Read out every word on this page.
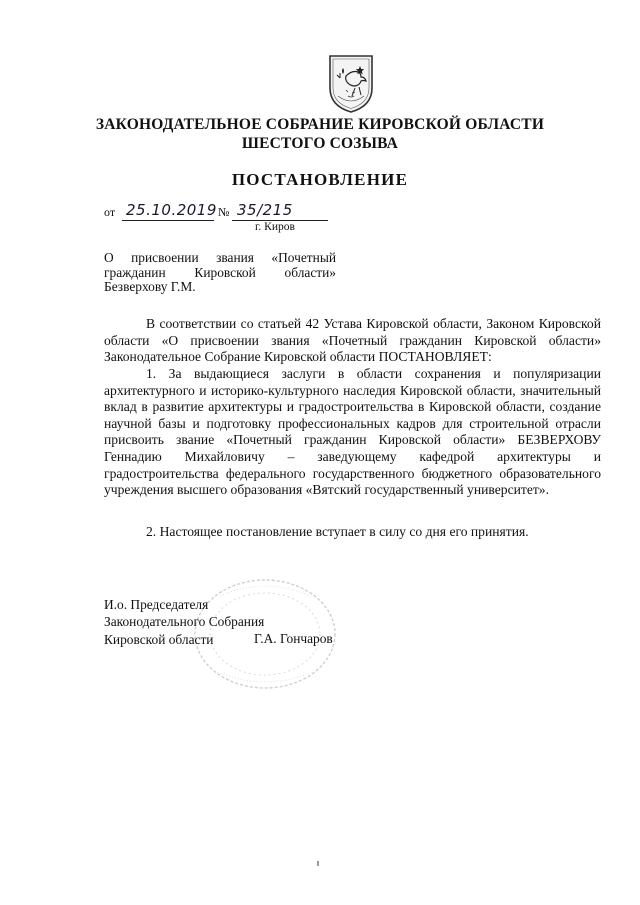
ЗАКОНОДАТЕЛЬНОЕ СОБРАНИЕ КИРОВСКОЙ ОБЛАСТИ
ШЕСТОГО СОЗЫВА
ПОСТАНОВЛЕНИЕ
от 25.10.2019 № 35/215
г. Киров
О присвоении звания «Почетный
гражданин Кировской области»
Безверхову Г.М.
В соответствии со статьей 42 Устава Кировской области, Законом Кировской области «О присвоении звания «Почетный гражданин Кировской области» Законодательное Собрание Кировской области ПОСТАНОВЛЯЕТ:
1. За выдающиеся заслуги в области сохранения и популяризации архитектурного и историко-культурного наследия Кировской области, значительный вклад в развитие архитектуры и градостроительства в Кировской области, создание научной базы и подготовку профессиональных кадров для строительной отрасли присвоить звание «Почетный гражданин Кировской области» БЕЗВЕРХОВУ Геннадию Михайловичу – заведующему кафедрой архитектуры и градостроительства федерального государственного бюджетного образовательного учреждения высшего образования «Вятский государственный университет».
2. Настоящее постановление вступает в силу со дня его принятия.
И.о. Председателя
Законодательного Собрания
Кировской области	Г.А. Гончаров
